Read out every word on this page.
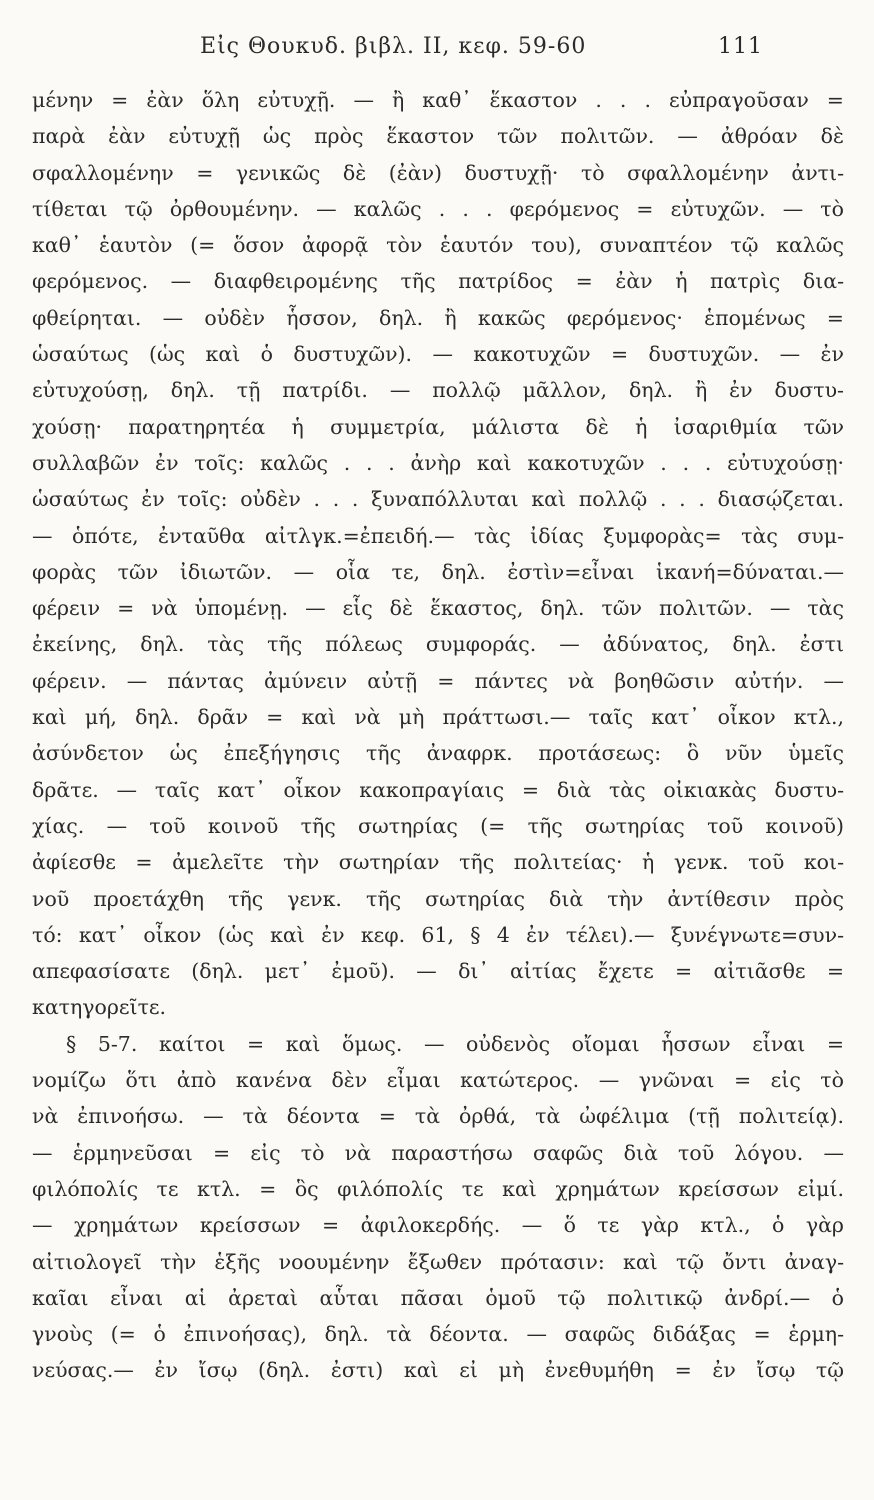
Εἰς Θουκυδ. βιβλ. II, κεφ. 59-60	111
μένην = ἐὰν ὅλη εὐτυχῇ. — ἢ καθ᾽ ἕκαστον . . . εὐπραγοῦσαν =
παρὰ ἐὰν εὐτυχῇ ὡς πρὸς ἕκαστον τῶν πολιτῶν. — ἀθρόαν δὲ
σφαλλομένην = γενικῶς δὲ (ἐὰν) δυστυχῇ· τὸ σφαλλομένην ἀντι-
τίθεται τῷ ὀρθουμένην. — καλῶς . . . φερόμενος = εὐτυχῶν. — τὸ
καθ᾽ ἑαυτὸν (= ὅσον ἀφορᾷ τὸν ἑαυτόν του), συναπτέον τῷ καλῶς
φερόμενος. — διαφθειρομένης τῆς πατρίδος = ἐὰν ἡ πατρὶς δια-
φθείρηται. — οὐδὲν ἧσσον, δηλ. ἢ κακῶς φερόμενος· ἑπομένως =
ὡσαύτως (ὡς καὶ ὁ δυστυχῶν). — κακοτυχῶν = δυστυχῶν. — ἐν
εὐτυχούσῃ, δηλ. τῇ πατρίδι. — πολλῷ μᾶλλον, δηλ. ἢ ἐν δυστυ-
χούσῃ· παρατηρητέα ἡ συμμετρία, μάλιστα δὲ ἡ ἰσαριθμία τῶν
συλλαβῶν ἐν τοῖς: καλῶς . . . ἀνὴρ καὶ κακοτυχῶν . . . εὐτυχούσῃ·
ὡσαύτως ἐν τοῖς: οὐδὲν . . . ξυναπόλλυται καὶ πολλῷ . . . διασῴζεται.
— ὁπότε, ἐνταῦθα αἰτλγκ.=ἐπειδή.— τὰς ἰδίας ξυμφορὰς= τὰς συμ-
φορὰς τῶν ἰδιωτῶν. — οἷα τε, δηλ. ἐστὶν=εἶναι ἱκανή=δύναται.—
φέρειν = νὰ ὑπομένῃ. — εἷς δὲ ἕκαστος, δηλ. τῶν πολιτῶν. — τὰς
ἐκείνης, δηλ. τὰς τῆς πόλεως συμφοράς. — ἀδύνατος, δηλ. ἐστι
φέρειν. — πάντας ἀμύνειν αὐτῇ = πάντες νὰ βοηθῶσιν αὐτήν. —
καὶ μή, δηλ. δρᾶν = καὶ νὰ μὴ πράττωσι.— ταῖς κατ᾽ οἶκον κτλ.,
ἀσύνδετον ὡς ἐπεξήγησις τῆς ἀναφρκ. προτάσεως: ὃ νῦν ὑμεῖς
δρᾶτε. — ταῖς κατ᾽ οἶκον κακοπραγίαις = διὰ τὰς οἰκιακὰς δυστυ-
χίας. — τοῦ κοινοῦ τῆς σωτηρίας (= τῆς σωτηρίας τοῦ κοινοῦ)
ἀφίεσθε = ἀμελεῖτε τὴν σωτηρίαν τῆς πολιτείας· ἡ γενκ. τοῦ κοι-
νοῦ προετάχθη τῆς γενκ. τῆς σωτηρίας διὰ τὴν ἀντίθεσιν πρὸς
τό: κατ᾽ οἶκον (ὡς καὶ ἐν κεφ. 61, § 4 ἐν τέλει).— ξυνέγνωτε=συν-
απεφασίσατε (δηλ. μετ᾽ ἐμοῦ). — δι᾽ αἰτίας ἔχετε = αἰτιᾶσθε =
κατηγορεῖτε.
§ 5-7. καίτοι = καὶ ὅμως. — οὐδενὸς οἴομαι ἧσσων εἶναι =
νομίζω ὅτι ἀπὸ κανένα δὲν εἶμαι κατώτερος. — γνῶναι = εἰς τὸ
νὰ ἐπινοήσω. — τὰ δέοντα = τὰ ὀρθά, τὰ ὠφέλιμα (τῇ πολιτείᾳ).
— ἑρμηνεῦσαι = εἰς τὸ νὰ παραστήσω σαφῶς διὰ τοῦ λόγου. —
φιλόπολίς τε κτλ. = ὃς φιλόπολίς τε καὶ χρημάτων κρείσσων εἰμί.
— χρημάτων κρείσσων = ἀφιλοκερδής. — ὅ τε γὰρ κτλ., ὁ γὰρ
αἰτιολογεῖ τὴν ἑξῆς νοουμένην ἔξωθεν πρότασιν: καὶ τῷ ὄντι ἀναγ-
καῖαι εἶναι αἱ ἀρεταὶ αὗται πᾶσαι ὁμοῦ τῷ πολιτικῷ ἀνδρί.— ὁ
γνοὺς (= ὁ ἐπινοήσας), δηλ. τὰ δέοντα. — σαφῶς διδάξας = ἑρμη-
νεύσας.— ἐν ἴσῳ (δηλ. ἐστι) καὶ εἰ μὴ ἐνεθυμήθη = ἐν ἴσῳ τῷ
